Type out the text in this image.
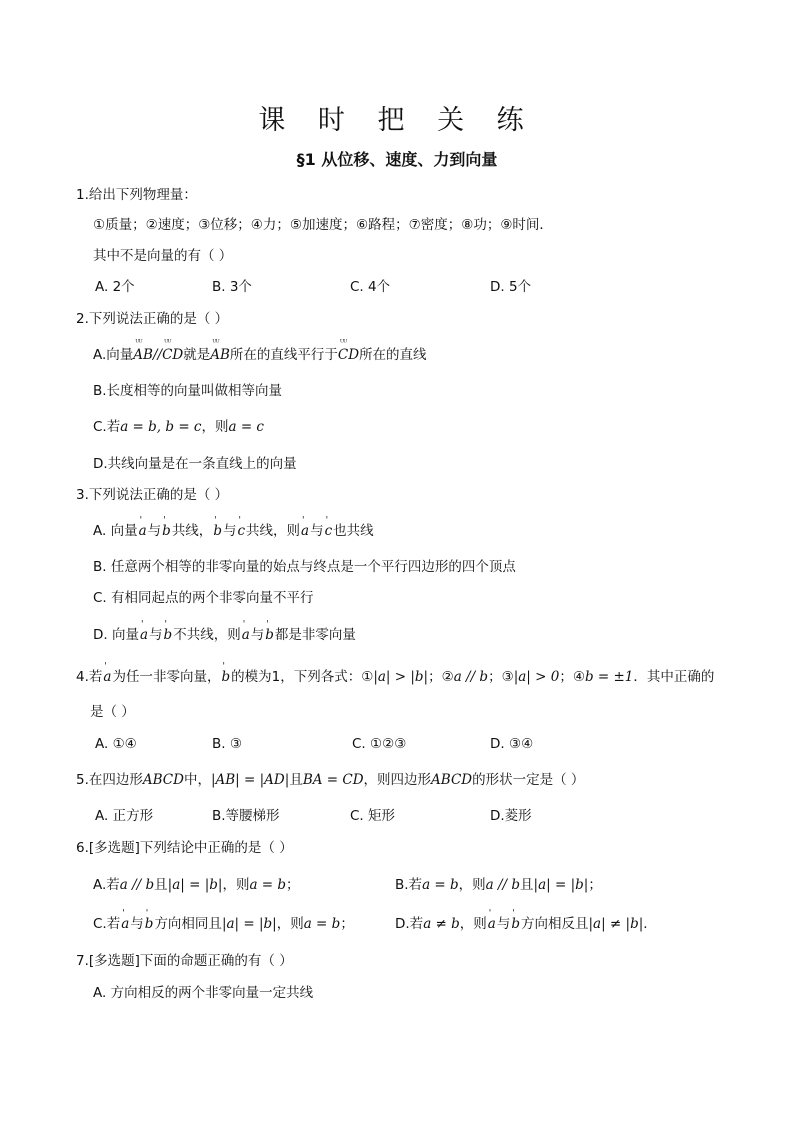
课 时 把 关 练
§1 从位移、速度、力到向量
1.给出下列物理量：
①质量；②速度；③位移；④力；⑤加速度；⑥路程；⑦密度；⑧功；⑨时间．
其中不是向量的有（ ）
A. 2个	B. 3个	C. 4个	D. 5个
2.下列说法正确的是（ ）
A.向量ᵁᵁ AB//ᵁᵁ CD就是ᵁᵁ AB所在的直线平行于ᵁᵁ CD所在的直线
B.长度相等的向量叫做相等向量
C.若a = b, b = c，则a = c
D.共线向量是在一条直线上的向量
3.下列说法正确的是（ ）
A. 向量' a与' b共线，' b与' c共线，则' a与' c也共线
B. 任意两个相等的非零向量的始点与终点是一个平行四边形的四个顶点
C. 有相同起点的两个非零向量不平行
D. 向量' a与' b不共线，则' a与' b都是非零向量
4.若' a为任一非零向量，' b的模为1，下列各式：①|a| > |b|；②a // b；③|a| > 0；④b = ±1．其中正确的
是（ ）
A. ①④	B. ③	C. ①②③	D. ③④
5.在四边形ABCD中，|AB| = |AD|且BA = CD，则四边形ABCD的形状一定是（ ）
A. 正方形	B.等腰梯形	C. 矩形	D.菱形
6.[多选题]下列结论中正确的是（ ）
A.若a // b且|a| = |b|，则a = b；	B.若a = b，则a // b且|a| = |b|；
C.若' a与' b方向相同且|a| = |b|，则a = b；	D.若a ≠ b，则' a与' b方向相反且|a| ≠ |b|.
7.[多选题]下面的命题正确的有（ ）
A. 方向相反的两个非零向量一定共线
